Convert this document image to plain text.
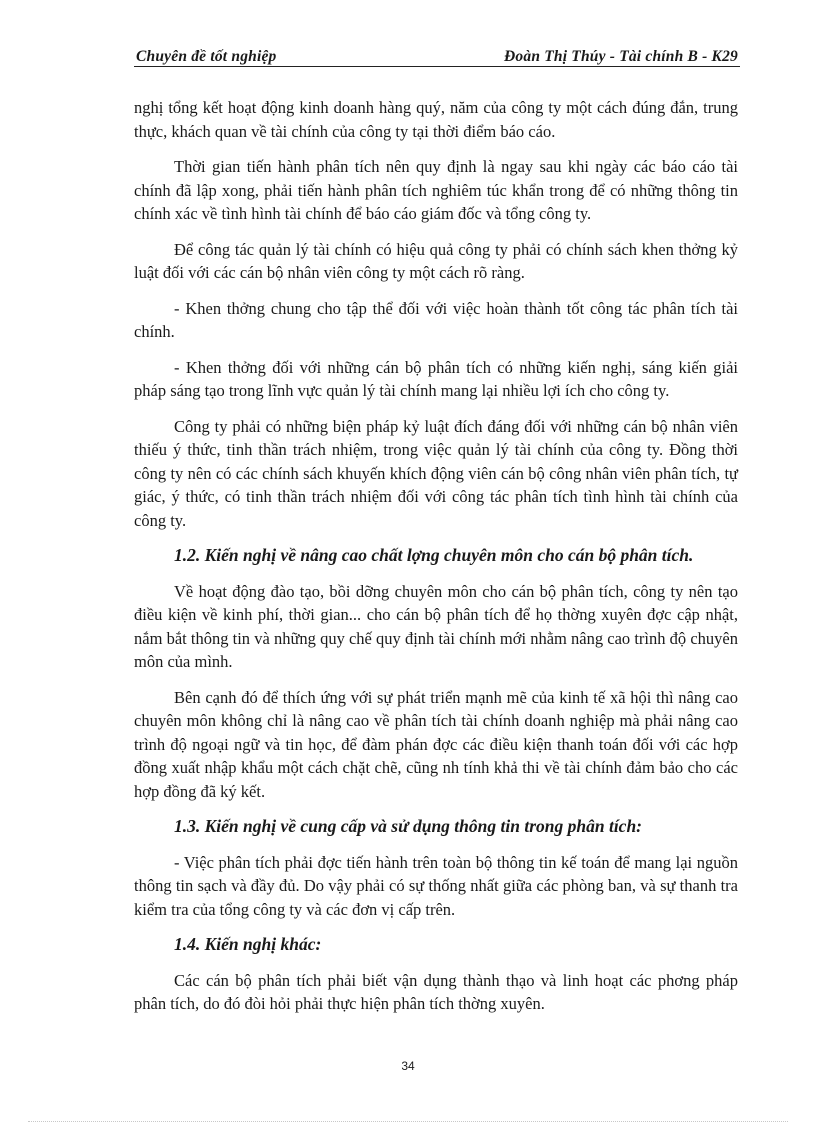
Chuyên đề tốt nghiệp	Đoàn Thị Thúy - Tài chính B - K29

nghị tổng kết hoạt động kinh doanh hàng quý, năm của công ty một cách đúng đắn, trung thực, khách quan về tài chính của công ty tại thời điểm báo cáo.

Thời gian tiến hành phân tích nên quy định là ngay sau khi ngày các báo cáo tài chính đã lập xong, phải tiến hành phân tích nghiêm túc khẩn trong để có những thông tin chính xác về tình hình tài chính để báo cáo giám đốc và tổng công ty.

Để công tác quản lý tài chính có hiệu quả công ty phải có chính sách khen thởng kỷ luật đối với các cán bộ nhân viên công ty một cách rõ ràng.

- Khen thởng chung cho tập thể đối với việc hoàn thành tốt công tác phân tích tài chính.

- Khen thởng đối với những cán bộ phân tích có những kiến nghị, sáng kiến giải pháp sáng tạo trong lĩnh vực quản lý tài chính mang lại nhiều lợi ích cho công ty.

Công ty phải có những biện pháp kỷ luật đích đáng đối với những cán bộ nhân viên thiếu ý thức, tinh thần trách nhiệm, trong việc quản lý tài chính của công ty. Đồng thời công ty nên có các chính sách khuyến khích động viên cán bộ công nhân viên phân tích, tự giác, ý thức, có tinh thần trách nhiệm đối với công tác phân tích tình hình tài chính của công ty.

1.2. Kiến nghị về nâng cao chất lợng chuyên môn cho cán bộ phân tích.

Về hoạt động đào tạo, bồi dỡng chuyên môn cho cán bộ phân tích, công ty nên tạo điều kiện về kinh phí, thời gian... cho cán bộ phân tích để họ thờng xuyên đợc cập nhật, nắm bắt thông tin và những quy chế quy định tài chính mới nhằm nâng cao trình độ chuyên môn của mình.

Bên cạnh đó để thích ứng với sự phát triển mạnh mẽ của kinh tế xã hội thì nâng cao chuyên môn không chỉ là nâng cao về phân tích tài chính doanh nghiệp mà phải nâng cao trình độ ngoại ngữ và tin học, để đàm phán đợc các điều kiện thanh toán đối với các hợp đồng xuất nhập khẩu một cách chặt chẽ, cũng nh tính khả thi về tài chính đảm bảo cho các hợp đồng đã ký kết.

1.3. Kiến nghị về cung cấp và sử dụng thông tin trong phân tích:

- Việc phân tích phải đợc tiến hành trên toàn bộ thông tin kế toán để mang lại nguồn thông tin sạch và đầy đủ. Do vậy phải có sự thống nhất giữa các phòng ban, và sự thanh tra kiểm tra của tổng công ty và các đơn vị cấp trên.

1.4. Kiến nghị khác:

Các cán bộ phân tích phải biết vận dụng thành thạo và linh hoạt các phơng pháp phân tích, do đó đòi hỏi phải thực hiện phân tích thờng xuyên.

34
